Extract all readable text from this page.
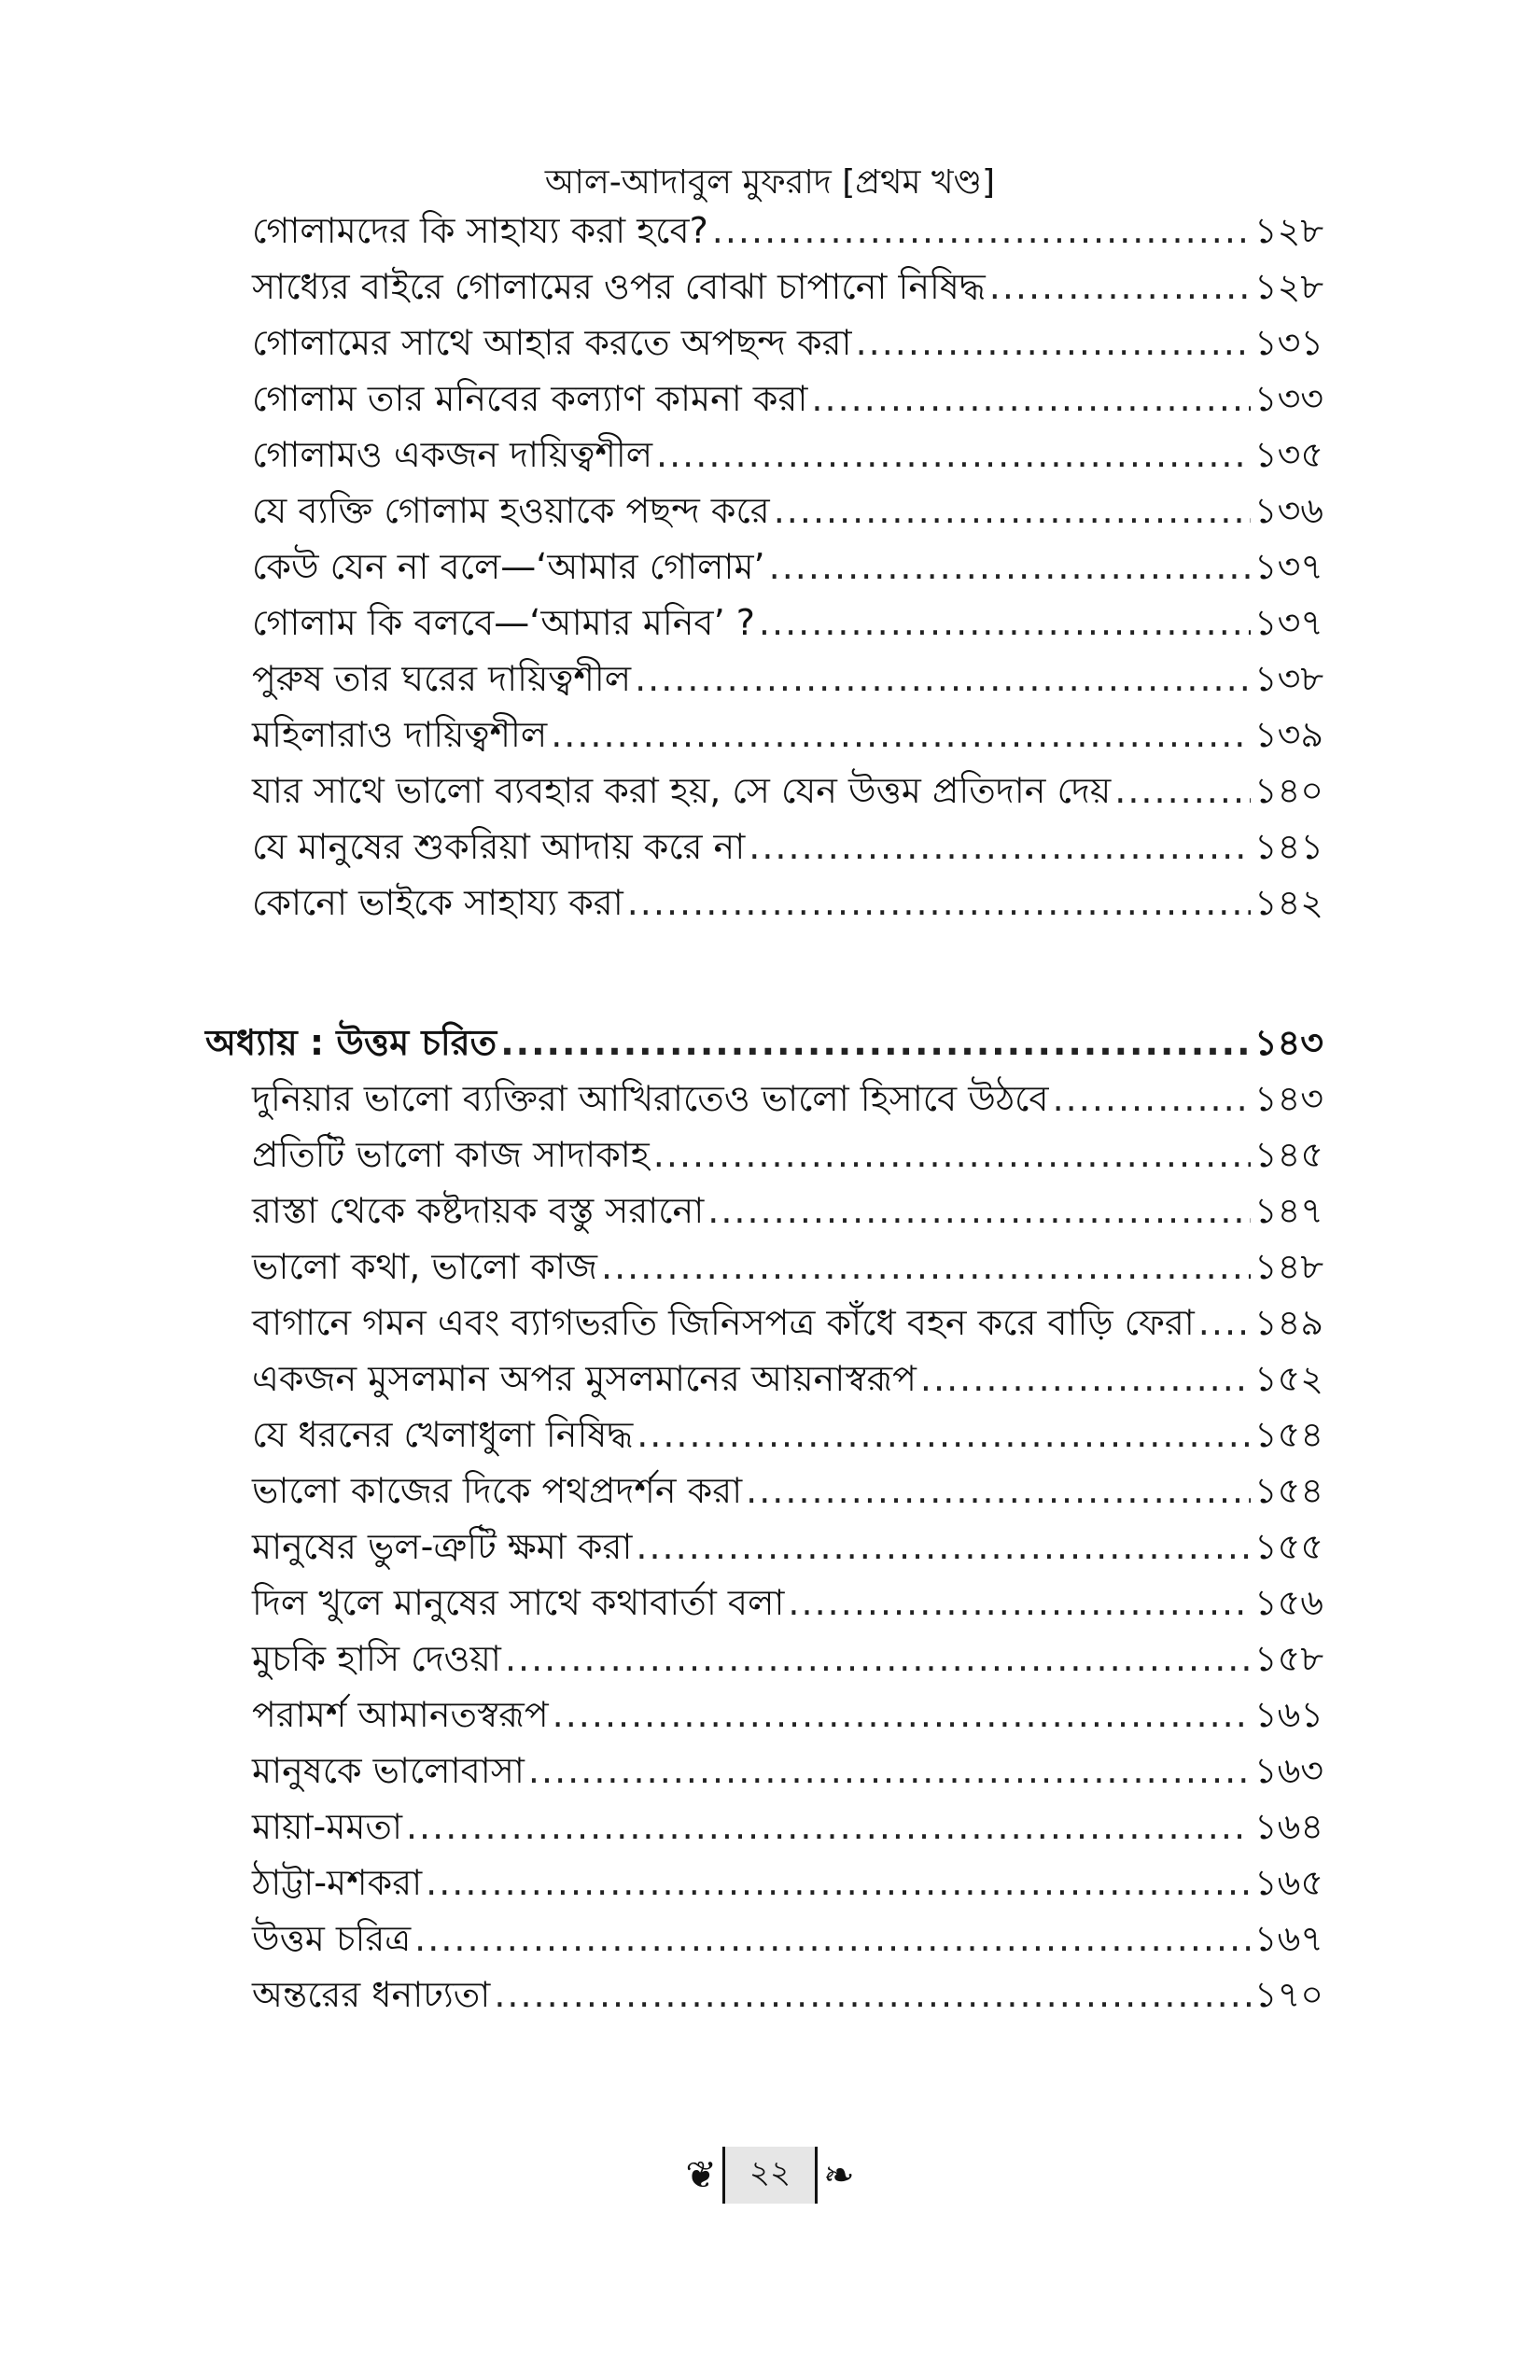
আল-আদাবুল মুফরাদ [প্রথম খণ্ড]
গোলামদের কি সাহায্য করা হবে? .....	১২৮
সাধ্যের বাইরে গোলামের ওপর বোঝা চাপানো নিষিদ্ধ .....	১২৮
গোলামের সাথে আহার করতে অপছন্দ করা .....	১৩১
গোলাম তার মনিবের কল্যাণ কামনা করা .....	১৩৩
গোলামও একজন দায়িত্বশীল .....	১৩৫
যে ব্যক্তি গোলাম হওয়াকে পছন্দ করে .....	১৩৬
কেউ যেন না বলে—‘আমার গোলাম’ .....	১৩৭
গোলাম কি বলবে—‘আমার মনিব’ ? .....	১৩৭
পুরুষ তার ঘরের দায়িত্বশীল .....	১৩৮
মহিলারাও দায়িত্বশীল .....	১৩৯
যার সাথে ভালো ব্যবহার করা হয়, সে যেন উত্তম প্রতিদান দেয় .....	১৪০
যে মানুষের শুকরিয়া আদায় করে না .....	১৪১
কোনো ভাইকে সাহায্য করা .....	১৪২
অধ্যায় : উত্তম চরিত .....	১৪৩
দুনিয়ার ভালো ব্যক্তিরা আখিরাতেও ভালো হিসাবে উঠবে .....	১৪৩
প্রতিটি ভালো কাজ সাদাকাহ .....	১৪৫
রাস্তা থেকে কষ্টদায়ক বস্তু সরানো .....	১৪৭
ভালো কথা, ভালো কাজ .....	১৪৮
বাগানে গমন এবং ব্যাগভরতি জিনিসপত্র কাঁধে বহন করে বাড়ি ফেরা ..... ১৪৯
একজন মুসলমান অপর মুসলমানের আয়নাস্বরূপ .....	১৫২
যে ধরনের খেলাধুলা নিষিদ্ধ .....	১৫৪
ভালো কাজের দিকে পথপ্রদর্শন করা .....	১৫৪
মানুষের ভুল-ত্রুটি ক্ষমা করা .....	১৫৫
দিল খুলে মানুষের সাথে কথাবার্তা বলা .....	১৫৬
মুচকি হাসি দেওয়া .....	১৫৮
পরামর্শ আমানতস্বরূপ .....	১৬১
মানুষকে ভালোবাসা .....	১৬৩
মায়া-মমতা .....	১৬৪
ঠাট্টা-মশকরা .....	১৬৫
উত্তম চরিত্র .....	১৬৭
অন্তরের ধনাঢ্যতা .....	১৭০
❦	২২ ❧
